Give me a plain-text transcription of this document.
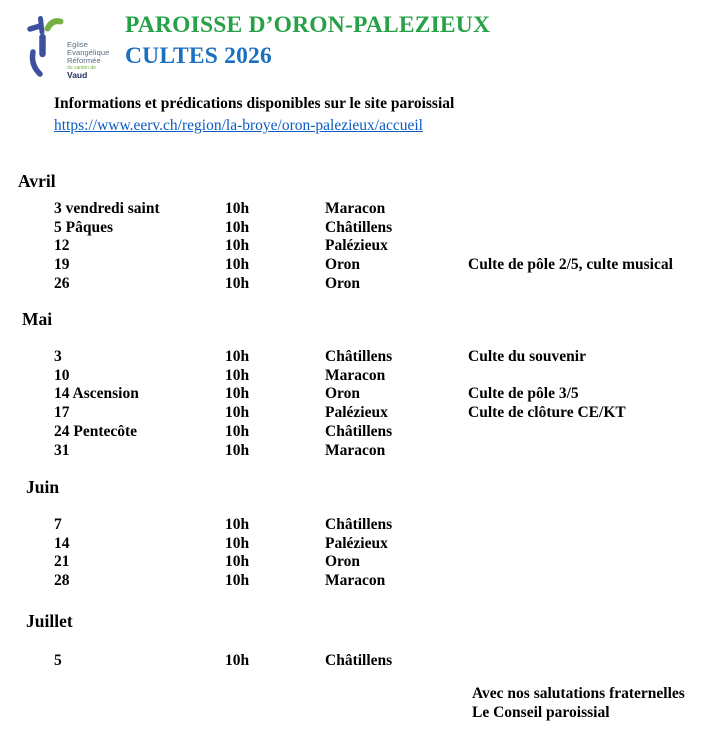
Eglise
Evangélique
Réformée
du canton de
Vaud
PAROISSE D’ORON-PALEZIEUX
CULTES 2026
Informations et prédications disponibles sur le site paroissial
https://www.eerv.ch/region/la-broye/oron-palezieux/accueil
Avril
3 vendredi saint	10h	Maracon
5 Pâques	10h	Châtillens
12	10h	Palézieux
19	10h	Oron	Culte de pôle 2/5, culte musical
26	10h	Oron
Mai
3	10h	Châtillens	Culte du souvenir
10	10h	Maracon
14 Ascension	10h	Oron	Culte de pôle 3/5
17	10h	Palézieux	Culte de clôture CE/KT
24 Pentecôte	10h	Châtillens
31	10h	Maracon
Juin
7	10h	Châtillens
14	10h	Palézieux
21	10h	Oron
28	10h	Maracon
Juillet
5	10h	Châtillens
Avec nos salutations fraternelles
Le Conseil paroissial
